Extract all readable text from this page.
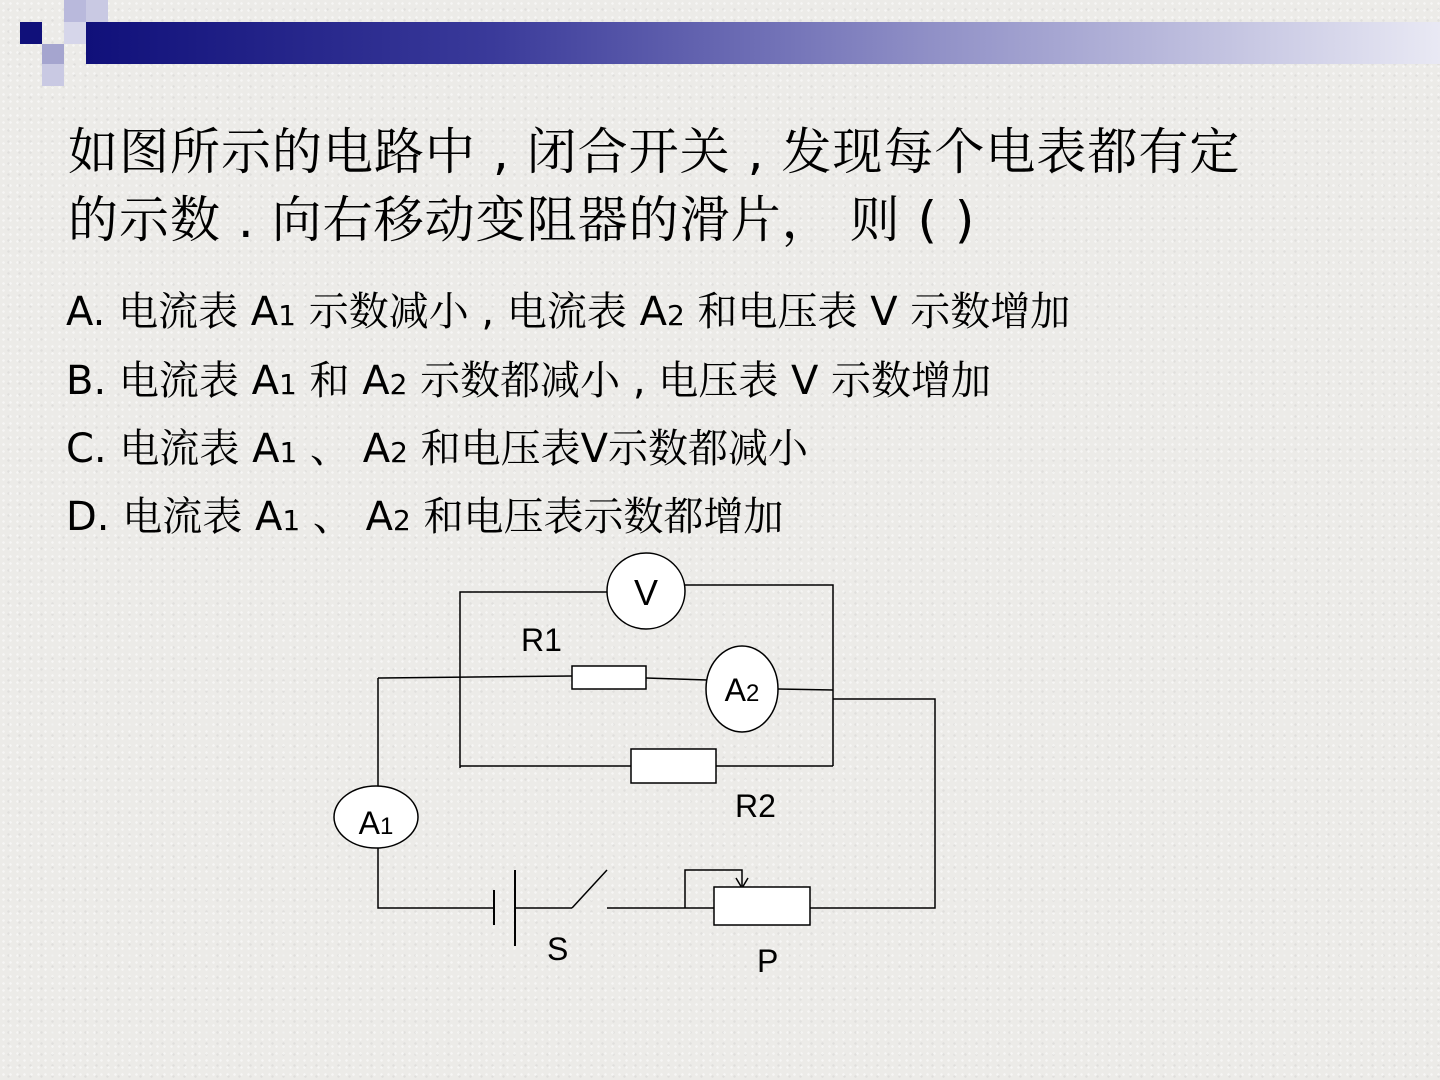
如图所示的电路中 , 闭合开关 , 发现每个电表都有定
的示数 . 向右移动变阻器的滑片， 则 ( )
A. 电流表 A1 示数减小 , 电流表 A2 和电压表 V 示数增加
B. 电流表 A1 和 A2 示数都减小 , 电压表 V 示数增加
C. 电流表 A1 、 A2 和电压表Ⅴ示数都减小
D. 电流表 A1 、 A2 和电压表示数都增加
V
A2
A1
R1
R2
S	P
